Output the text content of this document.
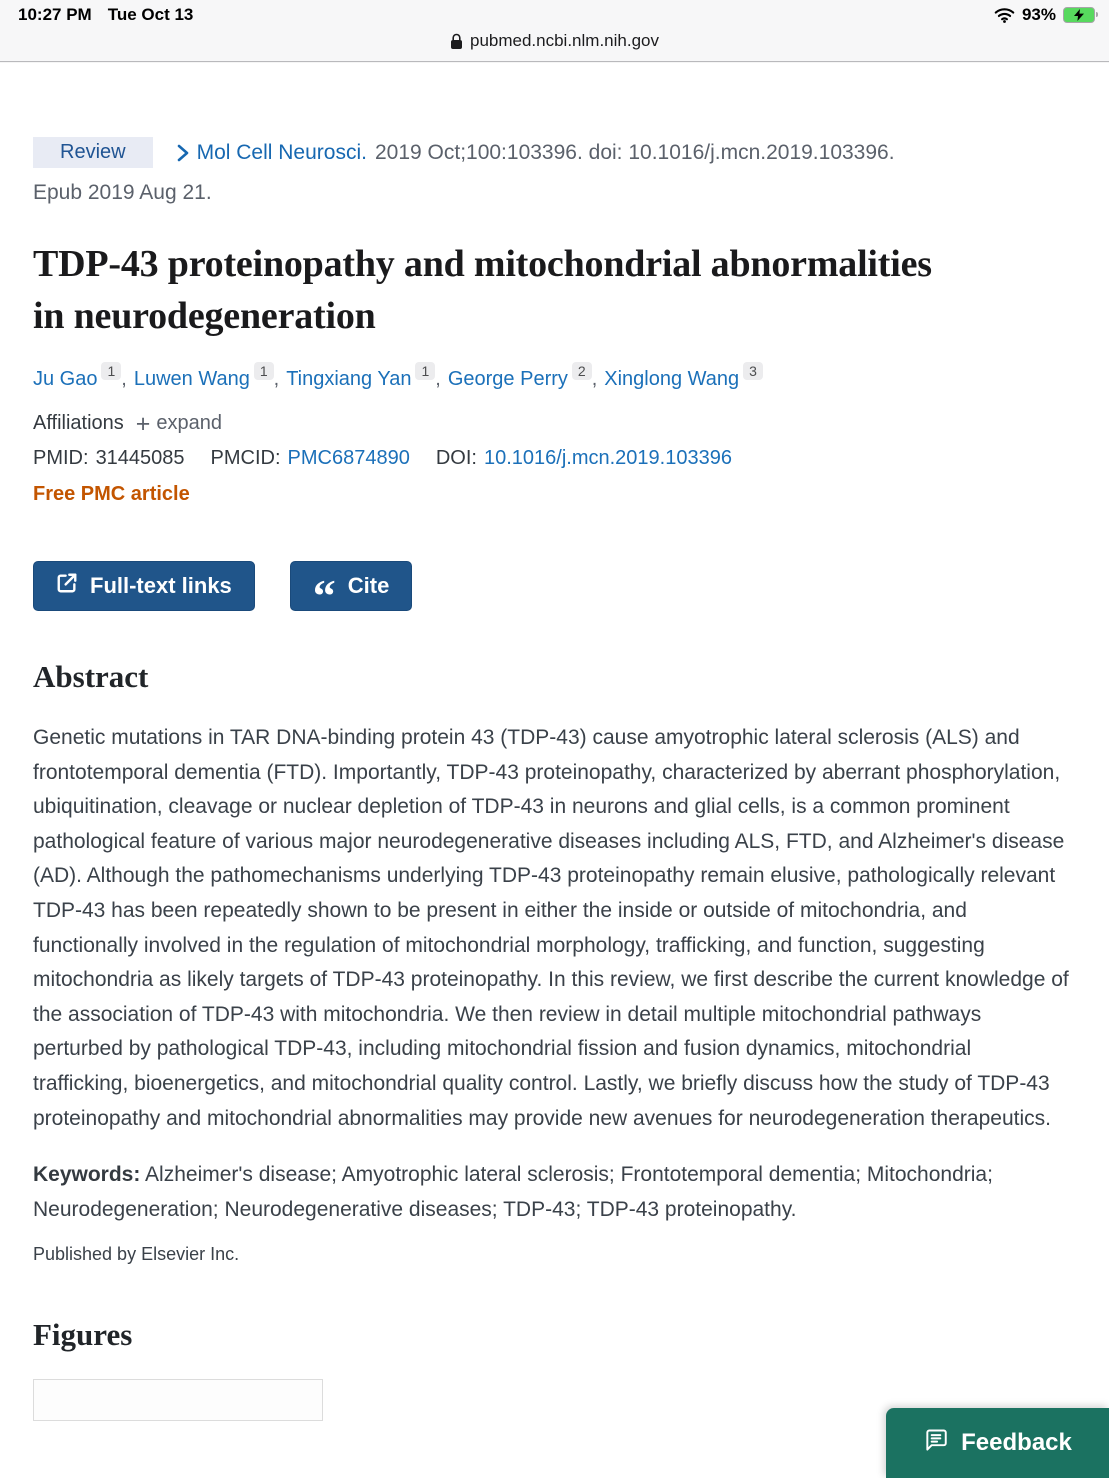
10:27 PM Tue Oct 13	93%
pubmed.ncbi.nlm.nih.gov
Review	Mol Cell Neurosci. 2019 Oct;100:103396. doi: 10.1016/j.mcn.2019.103396.
Epub 2019 Aug 21.
TDP-43 proteinopathy and mitochondrial abnormalities in neurodegeneration
Ju Gao 1 , Luwen Wang 1 , Tingxiang Yan 1 , George Perry 2 , Xinglong Wang 3
Affiliations + expand
PMID: 31445085 PMCID: PMC6874890 DOI: 10.1016/j.mcn.2019.103396
Free PMC article
Full-text links “ Cite
Abstract

Genetic mutations in TAR DNA-binding protein 43 (TDP-43) cause amyotrophic lateral sclerosis (ALS) and frontotemporal dementia (FTD). Importantly, TDP-43 proteinopathy, characterized by aberrant phosphorylation, ubiquitination, cleavage or nuclear depletion of TDP-43 in neurons and glial cells, is a common prominent pathological feature of various major neurodegenerative diseases including ALS, FTD, and Alzheimer's disease (AD). Although the pathomechanisms underlying TDP-43 proteinopathy remain elusive, pathologically relevant TDP-43 has been repeatedly shown to be present in either the inside or outside of mitochondria, and functionally involved in the regulation of mitochondrial morphology, trafficking, and function, suggesting mitochondria as likely targets of TDP-43 proteinopathy. In this review, we first describe the current knowledge of the association of TDP-43 with mitochondria. We then review in detail multiple mitochondrial pathways perturbed by pathological TDP-43, including mitochondrial fission and fusion dynamics, mitochondrial trafficking, bioenergetics, and mitochondrial quality control. Lastly, we briefly discuss how the study of TDP-43 proteinopathy and mitochondrial abnormalities may provide new avenues for neurodegeneration therapeutics.

Keywords: Alzheimer's disease; Amyotrophic lateral sclerosis; Frontotemporal dementia; Mitochondria; Neurodegeneration; Neurodegenerative diseases; TDP-43; TDP-43 proteinopathy.

Published by Elsevier Inc.
Figures
Feedback
